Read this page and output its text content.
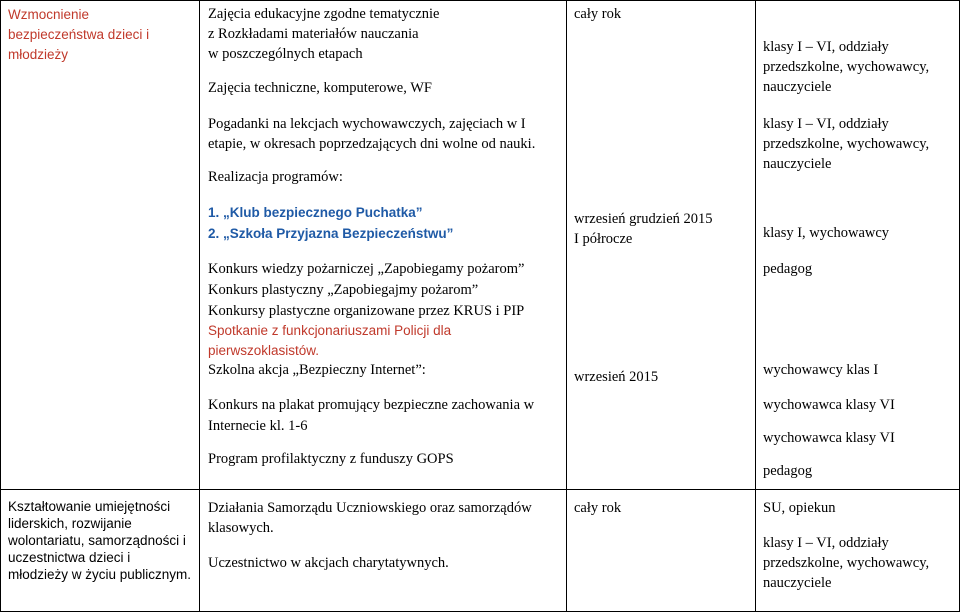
Wzmocnienie bezpieczeństwa dzieci i młodzieży
Zajęcia edukacyjne zgodne tematycznie
z Rozkładami materiałów nauczania
w poszczególnych etapach
Zajęcia techniczne, komputerowe, WF
Pogadanki na lekcjach wychowawczych, zajęciach w I
etapie, w okresach poprzedzających dni wolne od nauki.
Realizacja programów:
1. „Klub bezpiecznego Puchatka”
2. „Szkoła Przyjazna Bezpieczeństwu”
Konkurs wiedzy pożarniczej „Zapobiegamy pożarom”
Konkurs plastyczny „Zapobiegajmy pożarom”
Konkursy plastyczne organizowane przez KRUS i PIP
Spotkanie z funkcjonariuszami Policji dla
pierwszoklasistów.
Szkolna akcja „Bezpieczny Internet”:
Konkurs na plakat promujący bezpieczne zachowania w
Internecie kl. 1-6
Program profilaktyczny z funduszy GOPS
cały rok
wrzesień grudzień 2015
I półrocze
wrzesień 2015
klasy I – VI, oddziały
przedszkolne, wychowawcy,
nauczyciele
klasy I – VI, oddziały
przedszkolne, wychowawcy,
nauczyciele
klasy I, wychowawcy
pedagog
wychowawcy klas I
wychowawca klasy VI
wychowawca klasy VI
pedagog
Kształtowanie umiejętności liderskich, rozwijanie wolontariatu, samorządności i uczestnictwa dzieci i młodzieży w życiu publicznym.
Działania Samorządu Uczniowskiego oraz samorządów
klasowych.
Uczestnictwo w akcjach charytatywnych.
cały rok	SU, opiekun
klasy I – VI, oddziały
przedszkolne, wychowawcy,
nauczyciele
